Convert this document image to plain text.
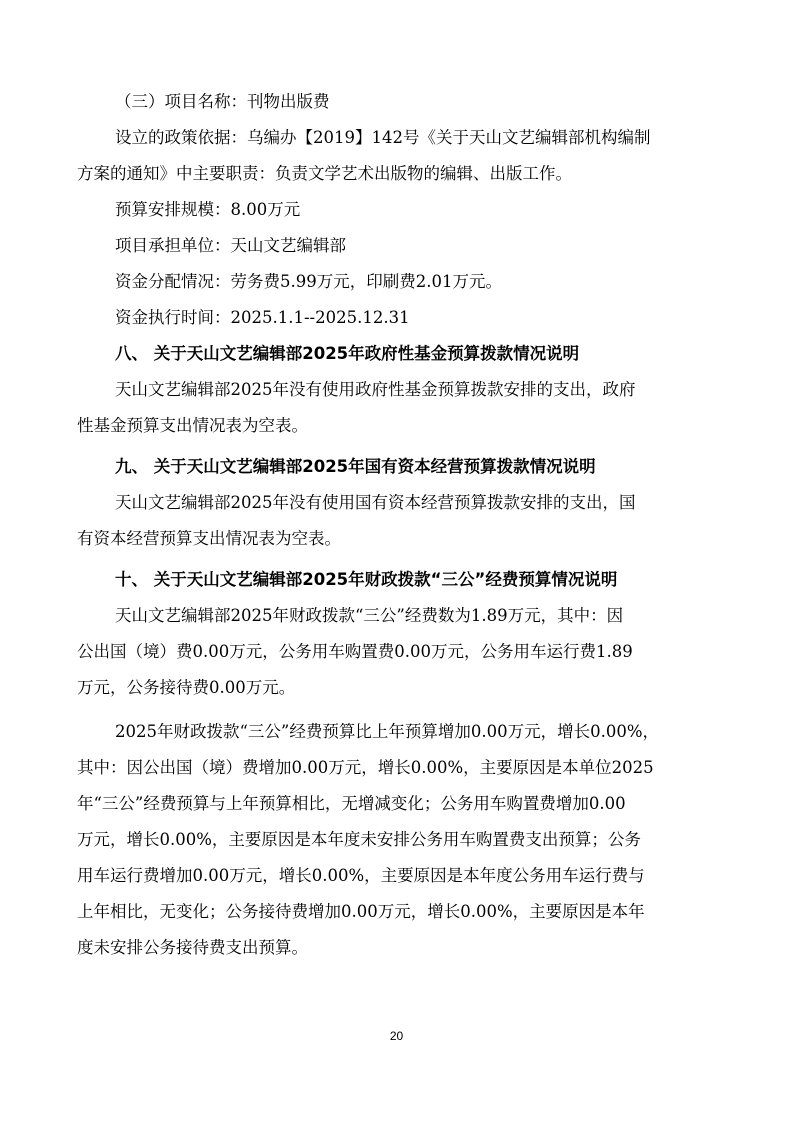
（三）项目名称：刊物出版费

设立的政策依据：乌编办【2019】142号《关于天山文艺编辑部机构编制

方案的通知》中主要职责：负责文学艺术出版物的编辑、出版工作。

预算安排规模：8.00万元

项目承担单位：天山文艺编辑部

资金分配情况：劳务费5.99万元，印刷费2.01万元。

资金执行时间：2025.1.1--2025.12.31

八、 关于天山文艺编辑部2025年政府性基金预算拨款情况说明

天山文艺编辑部2025年没有使用政府性基金预算拨款安排的支出，政府

性基金预算支出情况表为空表。

九、 关于天山文艺编辑部2025年国有资本经营预算拨款情况说明

天山文艺编辑部2025年没有使用国有资本经营预算拨款安排的支出，国

有资本经营预算支出情况表为空表。

十、 关于天山文艺编辑部2025年财政拨款“三公”经费预算情况说明

天山文艺编辑部2025年财政拨款“三公”经费数为1.89万元，其中：因

公出国（境）费0.00万元，公务用车购置费0.00万元，公务用车运行费1.89

万元，公务接待费0.00万元。

2025年财政拨款“三公”经费预算比上年预算增加0.00万元，增长0.00%，

其中：因公出国（境）费增加0.00万元，增长0.00%，主要原因是本单位2025

年“三公”经费预算与上年预算相比，无增减变化；公务用车购置费增加0.00

万元，增长0.00%，主要原因是本年度未安排公务用车购置费支出预算；公务

用车运行费增加0.00万元，增长0.00%，主要原因是本年度公务用车运行费与

上年相比，无变化；公务接待费增加0.00万元，增长0.00%，主要原因是本年

度未安排公务接待费支出预算。

20
